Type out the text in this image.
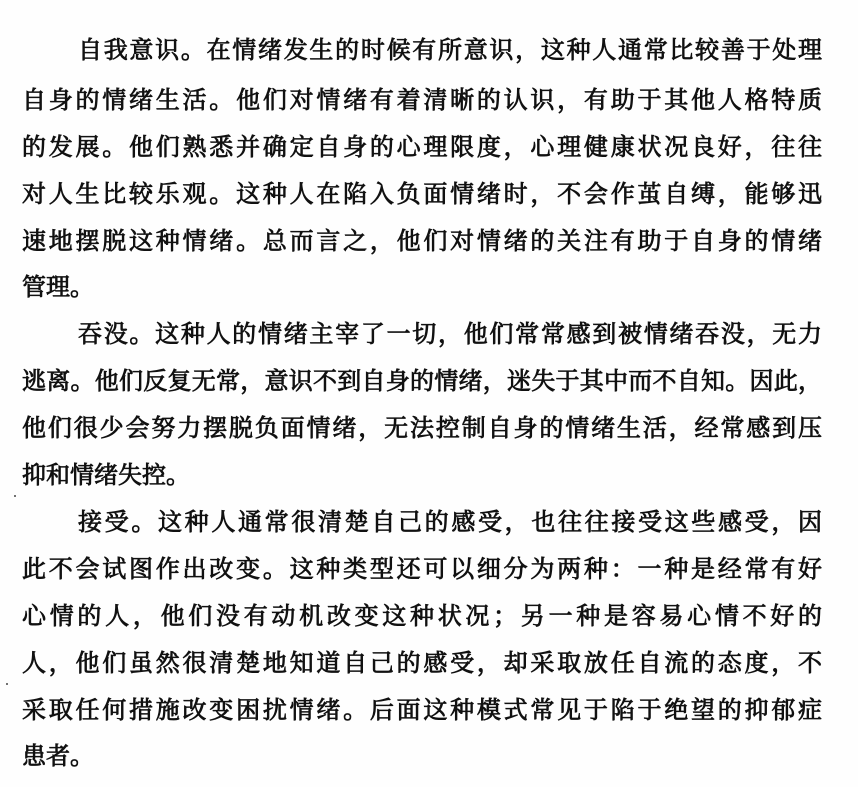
自我意识。在情绪发生的时候有所意识，这种人通常比较善于处理
自身的情绪生活。他们对情绪有着清晰的认识，有助于其他人格特质
的发展。他们熟悉并确定自身的心理限度，心理健康状况良好，往往
对人生比较乐观。这种人在陷入负面情绪时，不会作茧自缚，能够迅
速地摆脱这种情绪。总而言之，他们对情绪的关注有助于自身的情绪
管理。
吞没。这种人的情绪主宰了一切，他们常常感到被情绪吞没，无力
逃离。他们反复无常，意识不到自身的情绪，迷失于其中而不自知。因此，
他们很少会努力摆脱负面情绪，无法控制自身的情绪生活，经常感到压
抑和情绪失控。
接受。这种人通常很清楚自己的感受，也往往接受这些感受，因
此不会试图作出改变。这种类型还可以细分为两种：一种是经常有好
心情的人，他们没有动机改变这种状况；另一种是容易心情不好的
人，他们虽然很清楚地知道自己的感受，却采取放任自流的态度，不
采取任何措施改变困扰情绪。后面这种模式常见于陷于绝望的抑郁症
患者。
